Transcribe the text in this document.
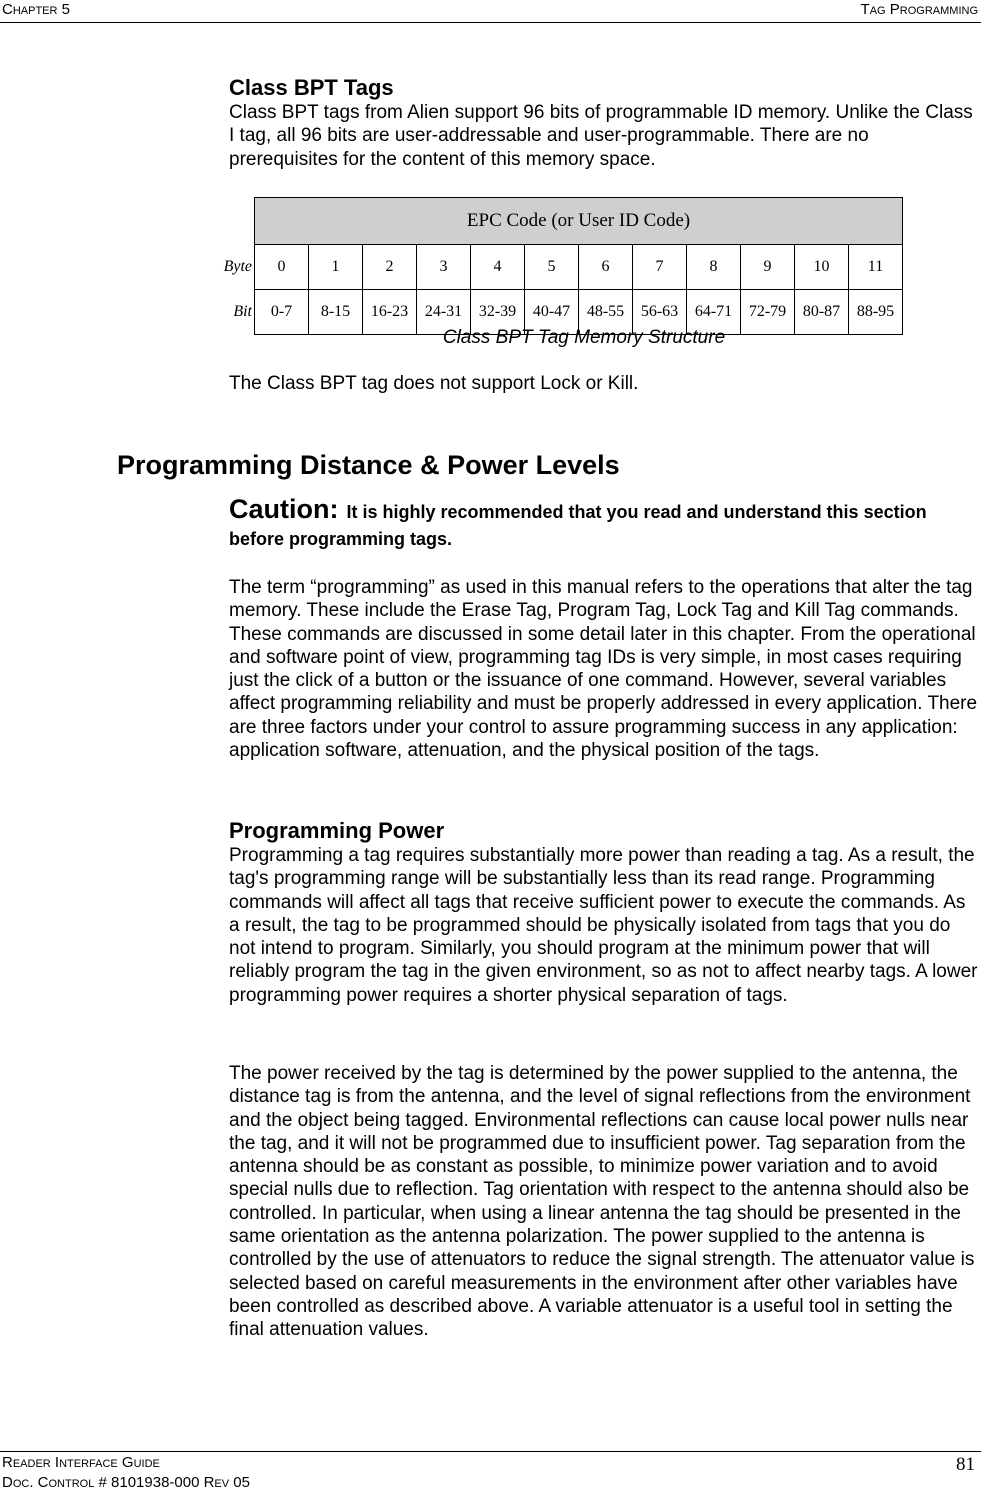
Chapter 5	Tag Programming
Class BPT Tags

Class BPT tags from Alien support 96 bits of programmable ID memory. Unlike the Class I tag, all 96 bits are user-addressable and user-programmable. There are no prerequisites for the content of this memory space.

	EPC Code (or User ID Code)											
Byte	0	1	2	3	4	5	6	7	8	9	10	11
Bit	0-7	8-15	16-23	24-31	32-39	40-47	48-55	56-63	64-71	72-79	80-87	88-95
Class BPT Tag Memory Structure
The Class BPT tag does not support Lock or Kill.
Programming Distance & Power Levels
Caution: It is highly recommended that you read and understand this section before programming tags.

The term “programming” as used in this manual refers to the operations that alter the tag memory. These include the Erase Tag, Program Tag, Lock Tag and Kill Tag commands. These commands are discussed in some detail later in this chapter. From the operational and software point of view, programming tag IDs is very simple, in most cases requiring just the click of a button or the issuance of one command. However, several variables affect programming reliability and must be properly addressed in every application. There are three factors under your control to assure programming success in any application: application software, attenuation, and the physical position of the tags.

Programming Power

Programming a tag requires substantially more power than reading a tag. As a result, the tag's programming range will be substantially less than its read range. Programming commands will affect all tags that receive sufficient power to execute the commands. As a result, the tag to be programmed should be physically isolated from tags that you do not intend to program. Similarly, you should program at the minimum power that will reliably program the tag in the given environment, so as not to affect nearby tags. A lower programming power requires a shorter physical separation of tags.

The power received by the tag is determined by the power supplied to the antenna, the distance tag is from the antenna, and the level of signal reflections from the environment and the object being tagged. Environmental reflections can cause local power nulls near the tag, and it will not be programmed due to insufficient power. Tag separation from the antenna should be as constant as possible, to minimize power variation and to avoid special nulls due to reflection. Tag orientation with respect to the antenna should also be controlled. In particular, when using a linear antenna the tag should be presented in the same orientation as the antenna polarization. The power supplied to the antenna is controlled by the use of attenuators to reduce the signal strength. The attenuator value is selected based on careful measurements in the environment after other variables have been controlled as described above. A variable attenuator is a useful tool in setting the final attenuation values.

Reader Interface Guide
Doc. Control # 8101938-000 Rev 05
81
